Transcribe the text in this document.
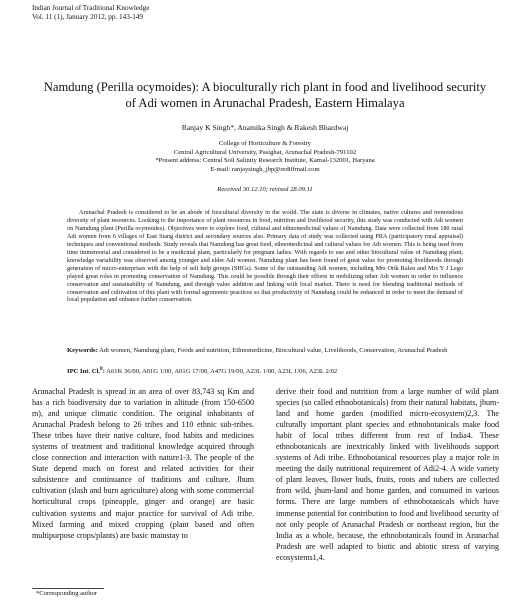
Indian Journal of Traditional Knowledge
Vol. 11 (1), January 2012, pp. 143-149
Namdung (Perilla ocymoides): A bioculturally rich plant in food and livelihood security of Adi women in Arunachal Pradesh, Eastern Himalaya
Ranjay K Singh*, Anamika Singh & Rakesh Bhardwaj
College of Horticulture & Forestry
Central Agricultural University, Pasighat, Arunachal Pradesh-791102
*Present address: Central Soil Salinity Research Institute, Karnal-132001, Haryana
E-mail: ranjaysingh_jbp@rediffmail.com
Received 30.12.10; revised 28.09.11
Arunachal Pradesh is considered to be an abode of biocultural diversity in the world. The state is diverse in climates, native cultures and tremendous diversity of plant resources. Looking to the importance of plant resources in food, nutrition and livelihood security, this study was conducted with Adi women on Namdung plant (Perilla ocymoides). Objectives were to explore food, cultural and ethnomedicinal values of Namdung. Data were collected from 180 rural Adi women from 6 villages of East Siang district and secondary sources also. Primary data of study was collected using PRA (participatory rural appraisal) techniques and conventional methods. Study reveals that Namdung has great food, ethnomedicinal and cultural values for Adi women. This is being used from time immemorial and considered to be a medicinal plant, particularly for pregnant ladies. With regards to use and other biocultural value of Namdung plant, knowledge variability was observed among younger and elder Adi women. Namdung plant has been found of great value for promoting livelihoods through generation of micro-enterprises with the help of self help groups (SHGs). Some of the outstanding Adi women, including Mrs Orik Ralen and Mrs Y J Lego played great roles in promoting conservation of Namdung. This could be possible through their efforts in mobilizing other Adi women in order to influence conservation and sustainability of Namdung, and through value addition and linking with local market. There is need for blending traditional methods of conservation and cultivation of this plant with formal agronomic practices so that productivity of Namdung could be enhanced in order to meet the demand of local population and enhance further conservation.
Keywords: Adi women, Namdung plant, Foods and nutrition, Ethnomedicine, Biocultural value, Livelihoods, Conservation, Arunachal Pradesh
IPC Int. Cl.$^8$: A61K 36/00, A01G 1/00, A01G 17/00, A47G 19/00, A23L 1/00, A23L 1/06, A23L 2/02
Arunachal Pradesh is spread in an area of over 83,743 sq Km and has a rich biodiversity due to variation in altitude (from 150-6500 m), and unique climatic condition. The original inhabitants of Arunachal Pradesh belong to 26 tribes and 110 ethnic sub-tribes. These tribes have their native culture, food habits and medicines systems of treatment and traditional knowledge acquired through close connection and interaction with nature1-3. The people of the State depend much on forest and related activities for their subsistence and continuance of traditions and culture. Jhum cultivation (slash and burn agriculture) along with some commercial horticultural crops (pineapple, ginger and orange) are basic cultivation systems and major practice for survival of Adi tribe. Mixed farming and mixed cropping (plant based and often multipurpose crops/plants) are basic mainstay to
derive their food and nutrition from a large number of wild plant species (so called ethnobotanicals) from their natural habitats, jhum-land and home garden (modified micro-ecosystem)2,3. The culturally important plant species and ethnobotanicals make food habit of local tribes different from rest of India4. These ethnobotanicals are inextricably linked with livelihoods support systems of Adi tribe. Ethnobotanical resources play a major role in meeting the daily nutritional requirement of Adi2-4. A wide variety of plant leaves, flower buds, fruits, roots and tubers are collected from wild, jhum-land and home garden, and consumed in various forms. There are large numbers of ethnobotanicals which have immense potential for contribution to food and livelihood security of not only people of Arunachal Pradesh or northeast region, but the India as a whole, because, the ethnobotanicals found in Arunachal Pradesh are well adapted to biotic and abiotic stress of varying ecosystems1,4.
*Corresponding author
